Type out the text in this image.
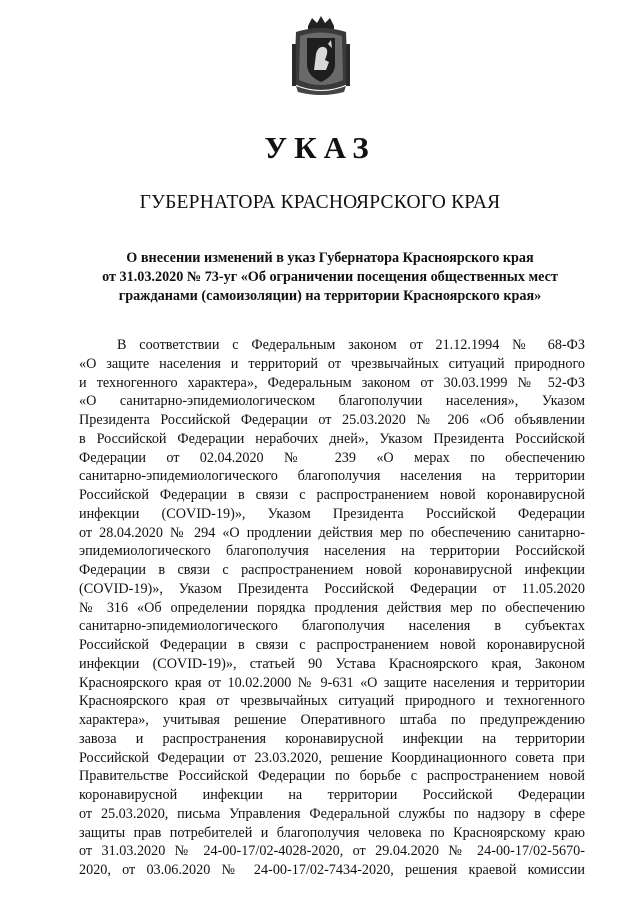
УКАЗ
ГУБЕРНАТОРА КРАСНОЯРСКОГО КРАЯ
О внесении изменений в указ Губернатора Красноярского края
от 31.03.2020 № 73-уг «Об ограничении посещения общественных мест
гражданами (самоизоляции) на территории Красноярского края»
В соответствии с Федеральным законом от 21.12.1994 № 68-ФЗ
«О защите населения и территорий от чрезвычайных ситуаций природного
и техногенного характера», Федеральным законом от 30.03.1999 № 52-ФЗ
«О санитарно-эпидемиологическом благополучии населения», Указом
Президента Российской Федерации от 25.03.2020 № 206 «Об объявлении
в Российской Федерации нерабочих дней», Указом Президента Российской
Федерации от 02.04.2020 № 239 «О мерах по обеспечению
санитарно-эпидемиологического благополучия населения на территории
Российской Федерации в связи с распространением новой коронавирусной
инфекции (COVID-19)», Указом Президента Российской Федерации
от 28.04.2020 № 294 «О продлении действия мер по обеспечению санитарно-
эпидемиологического благополучия населения на территории Российской
Федерации в связи с распространением новой коронавирусной инфекции
(COVID-19)», Указом Президента Российской Федерации от 11.05.2020
№ 316 «Об определении порядка продления действия мер по обеспечению
санитарно-эпидемиологического благополучия населения в субъектах
Российской Федерации в связи с распространением новой коронавирусной
инфекции (COVID-19)», статьей 90 Устава Красноярского края, Законом
Красноярского края от 10.02.2000 № 9-631 «О защите населения и территории
Красноярского края от чрезвычайных ситуаций природного и техногенного
характера», учитывая решение Оперативного штаба по предупреждению
завоза и распространения коронавирусной инфекции на территории
Российской Федерации от 23.03.2020, решение Координационного совета при
Правительстве Российской Федерации по борьбе с распространением новой
коронавирусной инфекции на территории Российской Федерации
от 25.03.2020, письма Управления Федеральной службы по надзору в сфере
защиты прав потребителей и благополучия человека по Красноярскому краю
от 31.03.2020 № 24-00-17/02-4028-2020, от 29.04.2020 № 24-00-17/02-5670-
2020, от 03.06.2020 № 24-00-17/02-7434-2020, решения краевой комиссии
